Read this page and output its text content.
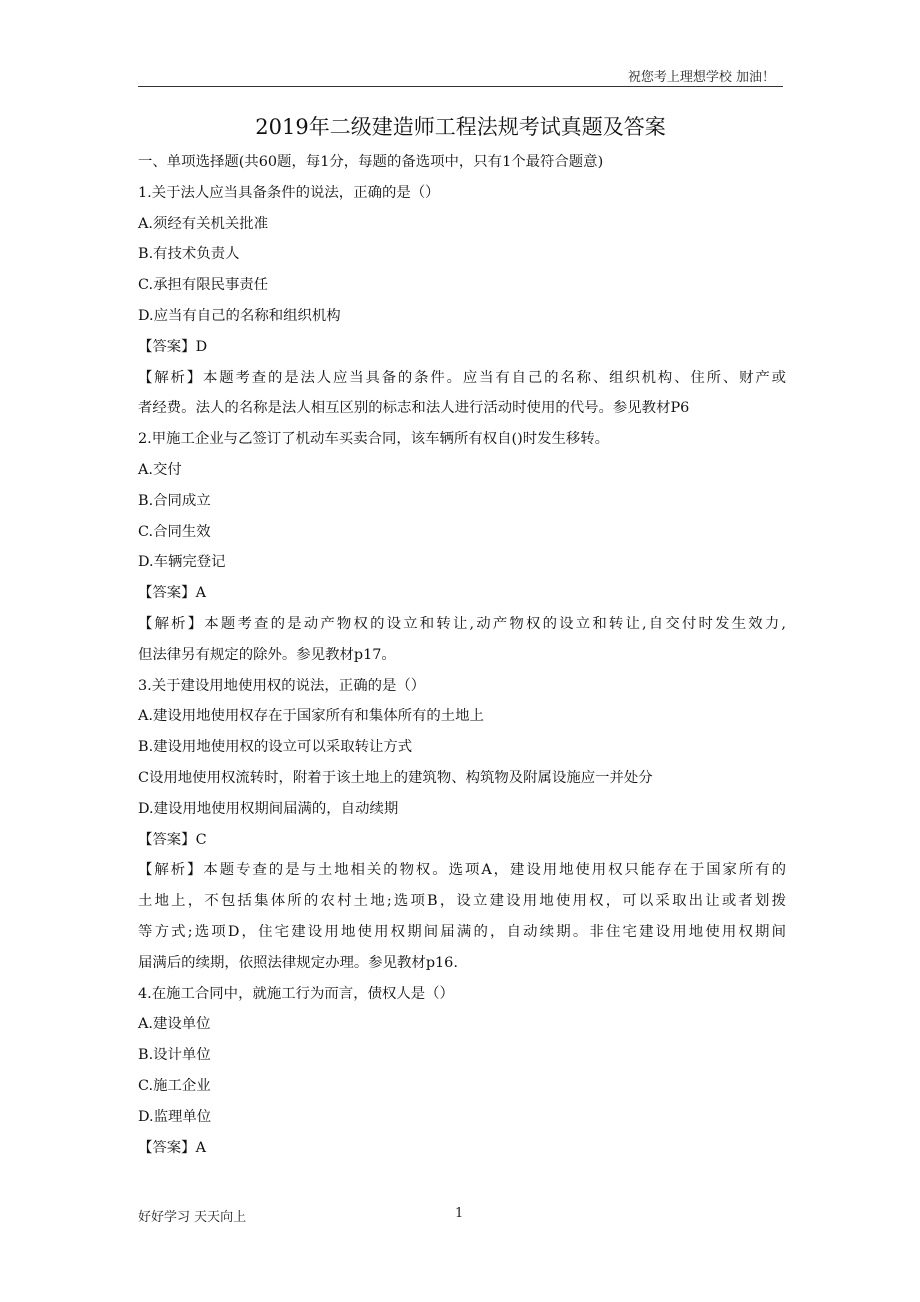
祝您考上理想学校 加油！
2019年二级建造师工程法规考试真题及答案
一、单项选择题(共60题，每1分，每题的备选项中，只有1个最符合题意)
1.关于法人应当具备条件的说法，正确的是（）
A.须经有关机关批准
B.有技术负责人
C.承担有限民事责任
D.应当有自己的名称和组织机构
【答案】D
【解析】本题考查的是法人应当具备的条件。应当有自己的名称、组织机构、住所、财产或
者经费。法人的名称是法人相互区别的标志和法人进行活动时使用的代号。参见教材P6
2.甲施工企业与乙签订了机动车买卖合同，该车辆所有权自()时发生移转。
A.交付
B.合同成立
C.合同生效
D.车辆完登记
【答案】A
【解析】本题考查的是动产物权的设立和转让,动产物权的设立和转让,自交付时发生效力,
但法律另有规定的除外。参见教材p17。
3.关于建设用地使用权的说法，正确的是（）
A.建设用地使用权存在于国家所有和集体所有的土地上
B.建设用地使用权的设立可以采取转让方式
C设用地使用权流转时，附着于该土地上的建筑物、构筑物及附属设施应一并处分
D.建设用地使用权期间届满的，自动续期
【答案】C
【解析】本题专查的是与土地相关的物权。选项A，建设用地使用权只能存在于国家所有的
土地上，不包括集体所的农村土地;选项B，设立建设用地使用权，可以采取出让或者划拨
等方式;选项D，住宅建设用地使用权期间届满的，自动续期。非住宅建设用地使用权期间
届满后的续期，依照法律规定办理。参见教材p16.
4.在施工合同中，就施工行为而言，债权人是（）
A.建设单位
B.设计单位
C.施工企业
D.监理单位
【答案】A
好好学习 天天向上	1
